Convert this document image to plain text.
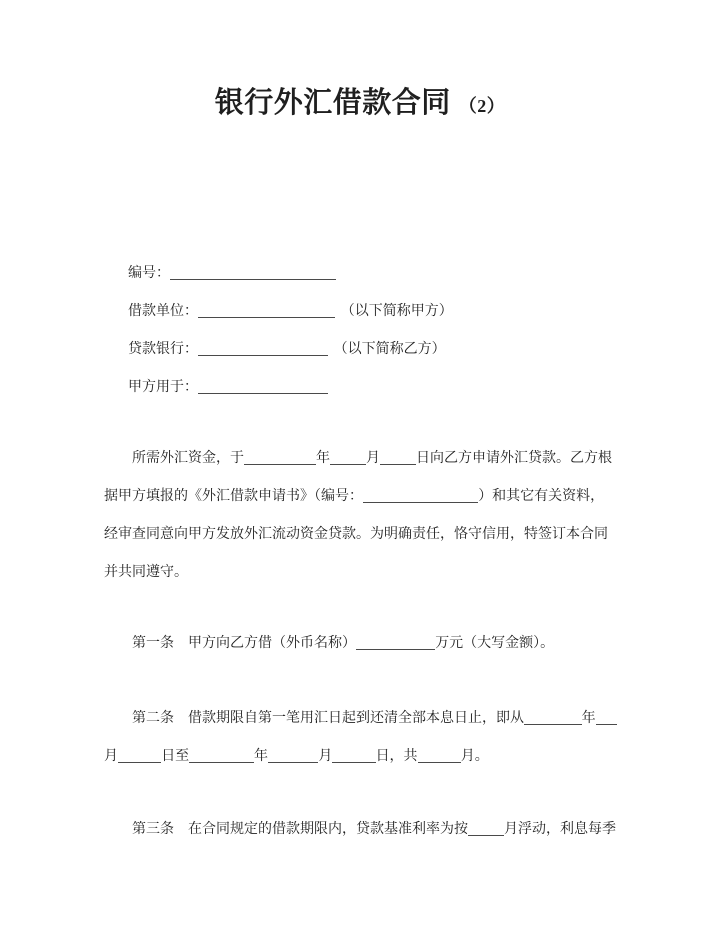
银行外汇借款合同 （2）
编号：
借款单位：	（以下简称甲方）
贷款银行：	（以下简称乙方）
甲方用于：
所需外汇资金，于	年	月	日向乙方申请外汇贷款。乙方根
据甲方填报的《外汇借款申请书》（编号：	）和其它有关资料，
经审查同意向甲方发放外汇流动资金贷款。为明确责任，恪守信用，特签订本合同
并共同遵守。
第一条　甲方向乙方借（外币名称）	万元（大写金额）。
第二条　借款期限自第一笔用汇日起到还清全部本息日止，即从	年
月	日至	年	月	日，共	月。
第三条　在合同规定的借款期限内，贷款基准利率为按	月浮动，利息每季
